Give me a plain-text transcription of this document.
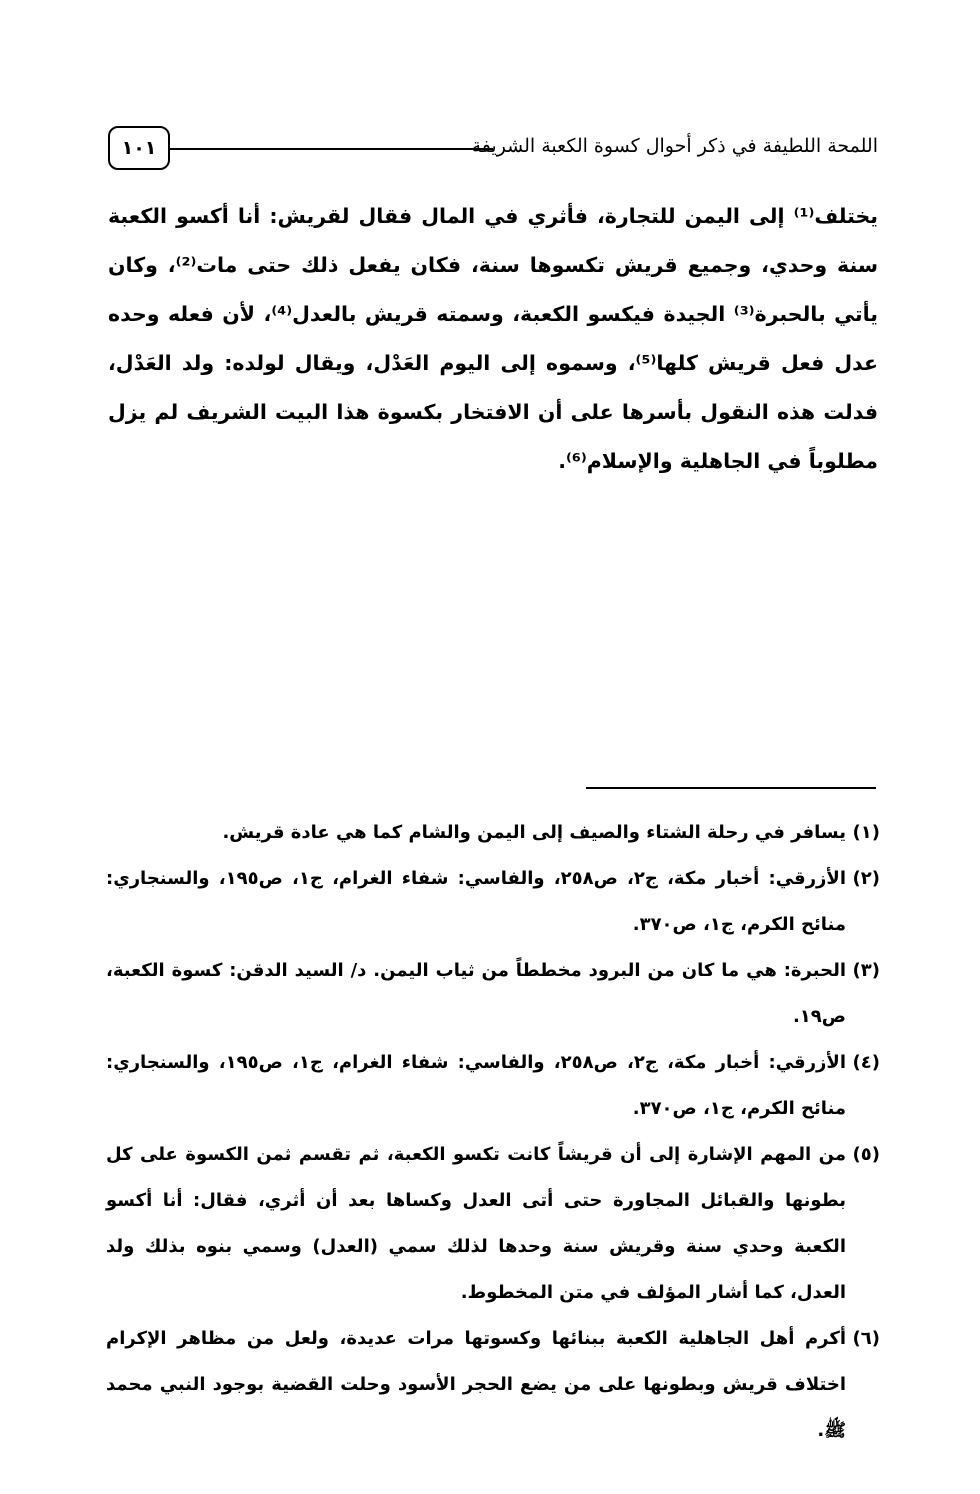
اللمحة اللطيفة في ذكر أحوال كسوة الكعبة الشريفة
١٠١

يختلف⁽¹⁾ إلى اليمن للتجارة، فأثري في المال فقال لقريش: أنا أكسو الكعبة سنة وحدي، وجميع قريش تكسوها سنة، فكان يفعل ذلك حتى مات⁽²⁾، وكان يأتي بالحبرة⁽³⁾ الجيدة فيكسو الكعبة، وسمته قريش بالعدل⁽⁴⁾، لأن فعله وحده عدل فعل قريش كلها⁽⁵⁾، وسموه إلى اليوم العَدْل، ويقال لولده: ولد العَدْل، فدلت هذه النقول بأسرها على أن الافتخار بكسوة هذا البيت الشريف لم يزل مطلوباً في الجاهلية والإسلام⁽⁶⁾.

(١)
يسافر في رحلة الشتاء والصيف إلى اليمن والشام كما هي عادة قريش.
(٢)
الأزرقي: أخبار مكة، ج٢، ص٢٥٨، والفاسي: شفاء الغرام، ج١، ص١٩٥، والسنجاري: منائح الكرم، ج١، ص٣٧٠.
(٣)
الحبرة: هي ما كان من البرود مخططاً من ثياب اليمن. د/ السيد الدقن: كسوة الكعبة، ص١٩.
(٤)
الأزرقي: أخبار مكة، ج٢، ص٢٥٨، والفاسي: شفاء الغرام، ج١، ص١٩٥، والسنجاري: منائح الكرم، ج١، ص٣٧٠.
(٥)
من المهم الإشارة إلى أن قريشاً كانت تكسو الكعبة، ثم تقسم ثمن الكسوة على كل بطونها والقبائل المجاورة حتى أتى العدل وكساها بعد أن أثري، فقال: أنا أكسو الكعبة وحدي سنة وقريش سنة وحدها لذلك سمي (العدل) وسمي بنوه بذلك ولد العدل، كما أشار المؤلف في متن المخطوط.
(٦)
أكرم أهل الجاهلية الكعبة ببنائها وكسوتها مرات عديدة، ولعل من مظاهر الإكرام اختلاف قريش وبطونها على من يضع الحجر الأسود وحلت القضية بوجود النبي محمد ﷺ.
